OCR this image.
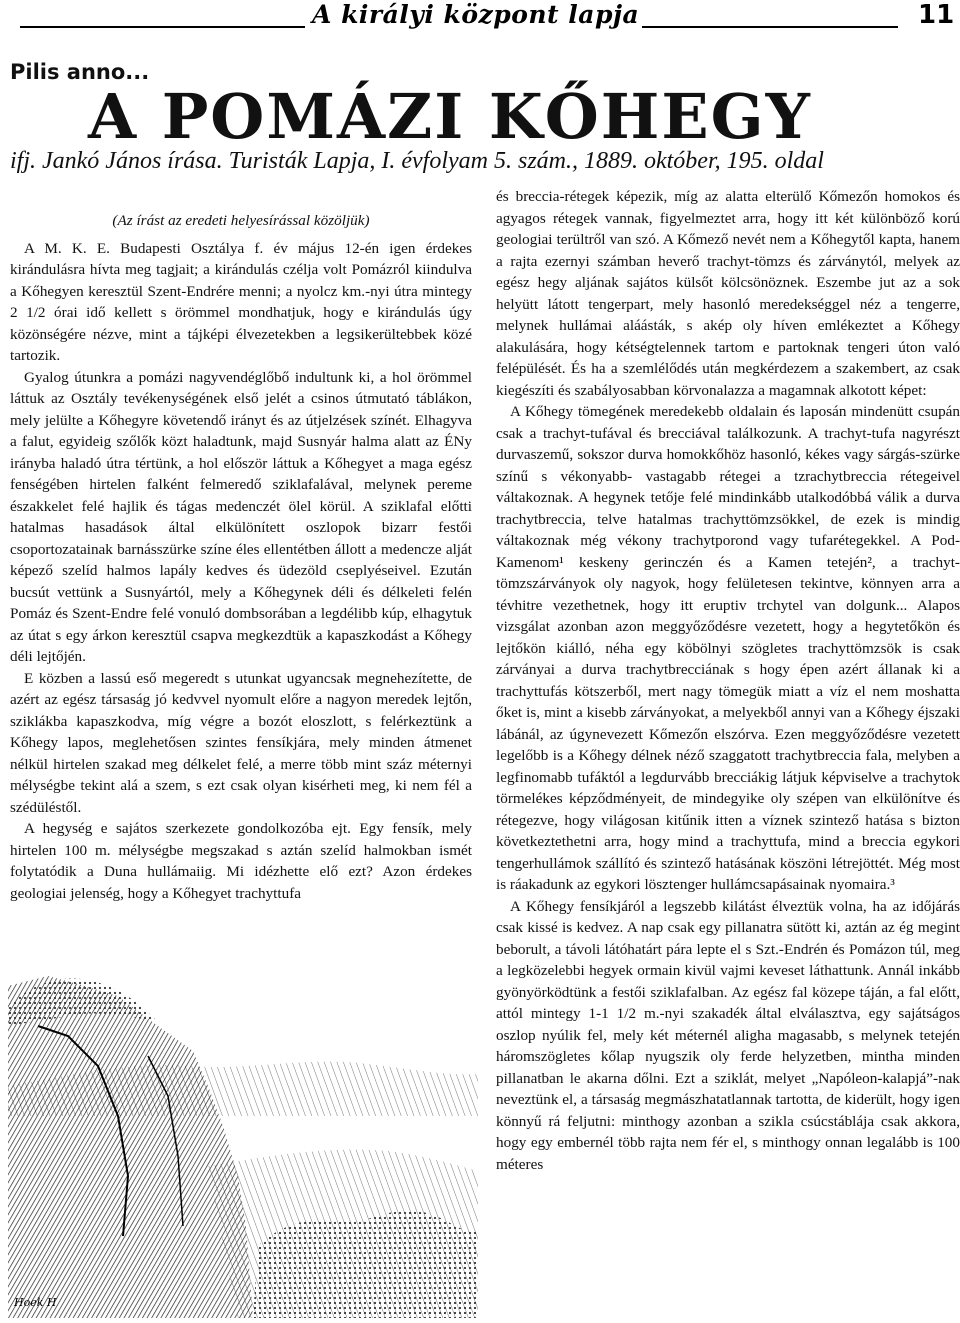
A királyi központ lapja	11
Pilis anno...
A POMÁZI KŐHEGY
ifj. Jankó János írása. Turisták Lapja, I. évfolyam 5. szám., 1889. október, 195. oldal

(Az írást az eredeti helyesírással közöljük)

A M. K. E. Budapesti Osztálya f. év május 12-én igen érdekes kirándulásra hívta meg tagjait; a kirándulás czélja volt Pomázról kiindulva a Kőhegyen keresztül Szent-Endrére menni; a nyolcz km.-nyi útra mintegy 2 1/2 órai idő kellett s örömmel mondhatjuk, hogy e kirándulás úgy közönségére nézve, mint a tájképi élvezetekben a legsikerültebbek közé tartozik.

Gyalog útunkra a pomázi nagyvendéglőbő indultunk ki, a hol örömmel láttuk az Osztály tevékenységének első jelét a csinos útmutató táblákon, mely jelülte a Kőhegyre követendő irányt és az útjelzések színét. Elhagyva a falut, egyideig szőlők közt haladtunk, majd Susnyár halma alatt az ÉNy irányba haladó útra tértünk, a hol először láttuk a Kőhegyet a maga egész fenségében hirtelen falként felmeredő sziklafalával, melynek pereme északkelet felé hajlik és tágas medenczét ölel körül. A sziklafal előtti hatalmas hasadások által elkülönített oszlopok bizarr festői csoportozatainak barnásszürke színe éles ellentétben állott a medencze alját képező szelíd halmos lapály kedves és üdezöld cseplyéseivel. Ezután bucsút vettünk a Susnyártól, mely a Kőhegynek déli és délkeleti felén Pomáz és Szent-Endre felé vonuló dombsorában a legdélibb kúp, elhagytuk az útat s egy árkon keresztül csapva megkezdtük a kapaszkodást a Kőhegy déli lejtőjén.

E közben a lassú eső megeredt s utunkat ugyancsak megnehezítette, de azért az egész társaság jó kedvvel nyomult előre a nagyon meredek lejtőn, sziklákba kapaszkodva, míg végre a bozót eloszlott, s felérkeztünk a Kőhegy lapos, meglehetősen szintes fensíkjára, mely minden átmenet nélkül hirtelen szakad meg délkelet felé, a merre több mint száz méternyi mélységbe tekint alá a szem, s ezt csak olyan kisérheti meg, ki nem fél a szédüléstől.

A hegység e sajátos szerkezete gondolkozóba ejt. Egy fensík, mely hirtelen 100 m. mélységbe megszakad s aztán szelíd halmokban ismét folytatódik a Duna hullámaiig. Mi idézhette elő ezt? Azon érdekes geologiai jelenség, hogy a Kőhegyet trachyttufa

Hoek H

és breccia-rétegek képezik, míg az alatta elterülő Kőmezőn homokos és agyagos rétegek vannak, figyelmeztet arra, hogy itt két különböző korú geologiai terültről van szó. A Kőmező nevét nem a Kőhegytől kapta, hanem a rajta ezernyi számban heverő trachyt-tömzs és zárványtól, melyek az egész hegy aljának sajátos külsőt kölcsönöznek. Eszembe jut az a sok helyütt látott tengerpart, mely hasonló meredekséggel néz a tengerre, melynek hullámai aláásták, s akép oly híven emlékeztet a Kőhegy alakulására, hogy kétségtelennek tartom e partoknak tengeri úton való felépülését. És ha a szemlélődés után megkérdezem a szakembert, az csak kiegészíti és szabályosabban körvonalazza a magamnak alkotott képet:

A Kőhegy tömegének meredekebb oldalain és laposán mindenütt csupán csak a trachyt-tufával és brecciával találkozunk. A trachyt-tufa nagyrészt durvaszemű, sokszor durva homokkőhöz hasonló, kékes vagy sárgás-szürke színű s vékonyabb- vastagabb rétegei a tzrachytbreccia rétegeivel váltakoznak. A hegynek tetője felé mindinkább utalkodóbbá válik a durva trachytbreccia, telve hatalmas trachyttömzsökkel, de ezek is mindig váltakoznak még vékony trachytporond vagy tufarétegekkel. A Pod-Kamenom¹ keskeny gerinczén és a Kamen tetején², a trachyt-tömzszárványok oly nagyok, hogy felületesen tekintve, könnyen arra a tévhitre vezethetnek, hogy itt eruptiv trchytel van dolgunk... Alapos vizsgálat azonban azon meggyőződésre vezetett, hogy a hegytetőkön és lejtőkön kiálló, néha egy köbölnyi szögletes trachyttömzsök is csak zárványai a durva trachytbrecciának s hogy épen azért állanak ki a trachyttufás kötszerből, mert nagy tömegük miatt a víz el nem moshatta őket is, mint a kisebb zárványokat, a melyekből annyi van a Kőhegy éjszaki lábánál, az úgynevezett Kőmezőn elszórva. Ezen meggyőződésre vezetett legelőbb is a Kőhegy délnek néző szaggatott trachytbreccia fala, melyben a legfinomabb tufáktól a legdurvább brecciákig látjuk képviselve a trachytok törmelékes képződményeit, de mindegyike oly szépen van elkülönítve és rétegezve, hogy világosan kitűnik itten a víznek szintező hatása s bizton következtethetni arra, hogy mind a trachyttufa, mind a breccia egykori tengerhullámok szállító és szintező hatásának köszöni létrejöttét. Még most is ráakadunk az egykori lösztenger hullámcsapásainak nyomaira.³

A Kőhegy fensíkjáról a legszebb kilátást élveztük volna, ha az időjárás csak kissé is kedvez. A nap csak egy pillanatra sütött ki, aztán az ég megint beborult, a távoli látóhatárt pára lepte el s Szt.-Endrén és Pomázon túl, meg a legközelebbi hegyek ormain kivül vajmi keveset láthattunk. Annál inkább gyönyörködtünk a festői sziklafalban. Az egész fal közepe táján, a fal előtt, attól mintegy 1-1 1/2 m.-nyi szakadék által elválasztva, egy sajátságos oszlop nyúlik fel, mely két méternél aligha magasabb, s melynek tetején háromszögletes kőlap nyugszik oly ferde helyzetben, mintha minden pillanatban le akarna dőlni. Ezt a sziklát, melyet „Napóleon-kalapjá”-nak neveztünk el, a társaság megmászhatatlannak tartotta, de kiderült, hogy igen könnyű rá feljutni: minthogy azonban a szikla csúcstáblája csak akkora, hogy egy embernél több rajta nem fér el, s minthogy onnan legalább is 100 méteres
